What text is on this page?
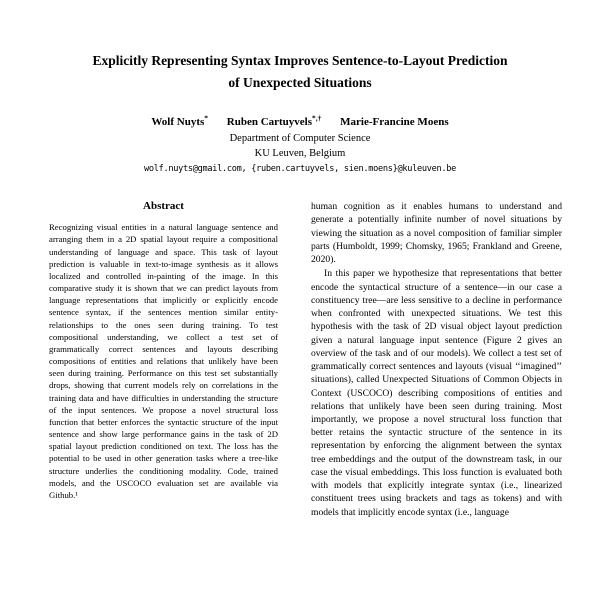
Explicitly Representing Syntax Improves Sentence-to-Layout Prediction
of Unexpected Situations
Wolf Nuyts* Ruben Cartuyvels*,† Marie-Francine Moens
Department of Computer Science
KU Leuven, Belgium
wolf.nuyts@gmail.com, {ruben.cartuyvels, sien.moens}@kuleuven.be
Abstract

Recognizing visual entities in a natural language sentence and arranging them in a 2D spatial layout require a compositional understanding of language and space. This task of layout prediction is valuable in text-to-image synthesis as it allows localized and controlled in-painting of the image. In this comparative study it is shown that we can predict layouts from language representations that implicitly or explicitly encode sentence syntax, if the sentences mention similar entity-relationships to the ones seen during training. To test compositional understanding, we collect a test set of grammatically correct sentences and layouts describing compositions of entities and relations that unlikely have been seen during training. Performance on this test set substantially drops, showing that current models rely on correlations in the training data and have difficulties in understanding the structure of the input sentences. We propose a novel structural loss function that better enforces the syntactic structure of the input sentence and show large performance gains in the task of 2D spatial layout prediction conditioned on text. The loss has the potential to be used in other generation tasks where a tree-like structure underlies the conditioning modality. Code, trained models, and the USCOCO evaluation set are available via Github.¹

human cognition as it enables humans to understand and generate a potentially infinite number of novel situations by viewing the situation as a novel composition of familiar simpler parts (Humboldt, 1999; Chomsky, 1965; Frankland and Greene, 2020).

In this paper we hypothesize that representations that better encode the syntactical structure of a sentence—in our case a constituency tree—are less sensitive to a decline in performance when confronted with unexpected situations. We test this hypothesis with the task of 2D visual object layout prediction given a natural language input sentence (Figure 2 gives an overview of the task and of our models). We collect a test set of grammatically correct sentences and layouts (visual ‘‘imagined’’ situations), called Unexpected Situations of Common Objects in Context (USCOCO) describing compositions of entities and relations that unlikely have been seen during training. Most importantly, we propose a novel structural loss function that better retains the syntactic structure of the sentence in its representation by enforcing the alignment between the syntax tree embeddings and the output of the downstream task, in our case the visual embeddings. This loss function is evaluated both with models that explicitly integrate syntax (i.e., linearized constituent trees using brackets and tags as tokens) and with models that implicitly encode syntax (i.e., language
